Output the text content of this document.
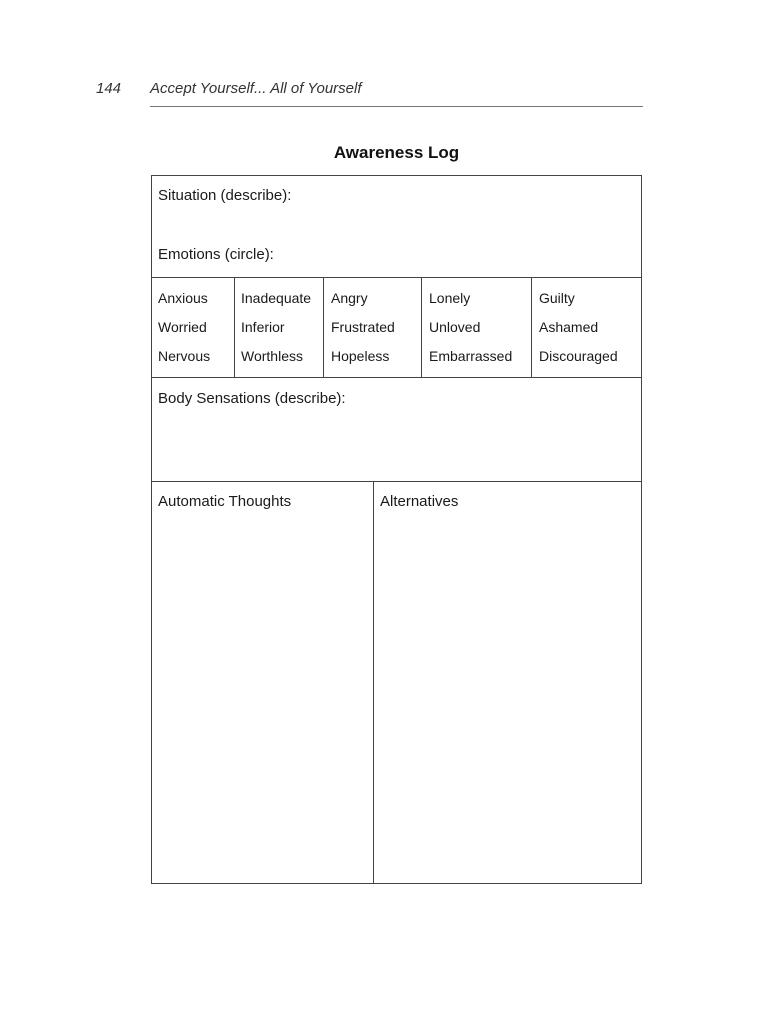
144 Accept Yourself... All of Yourself
Awareness Log
Situation (describe):
Emotions (circle):
Anxious
Worried
Nervous
Inadequate
Inferior
Worthless
Angry
Frustrated
Hopeless
Lonely
Unloved
Embarrassed
Guilty
Ashamed
Discouraged
Body Sensations (describe):
Automatic Thoughts	Alternatives
